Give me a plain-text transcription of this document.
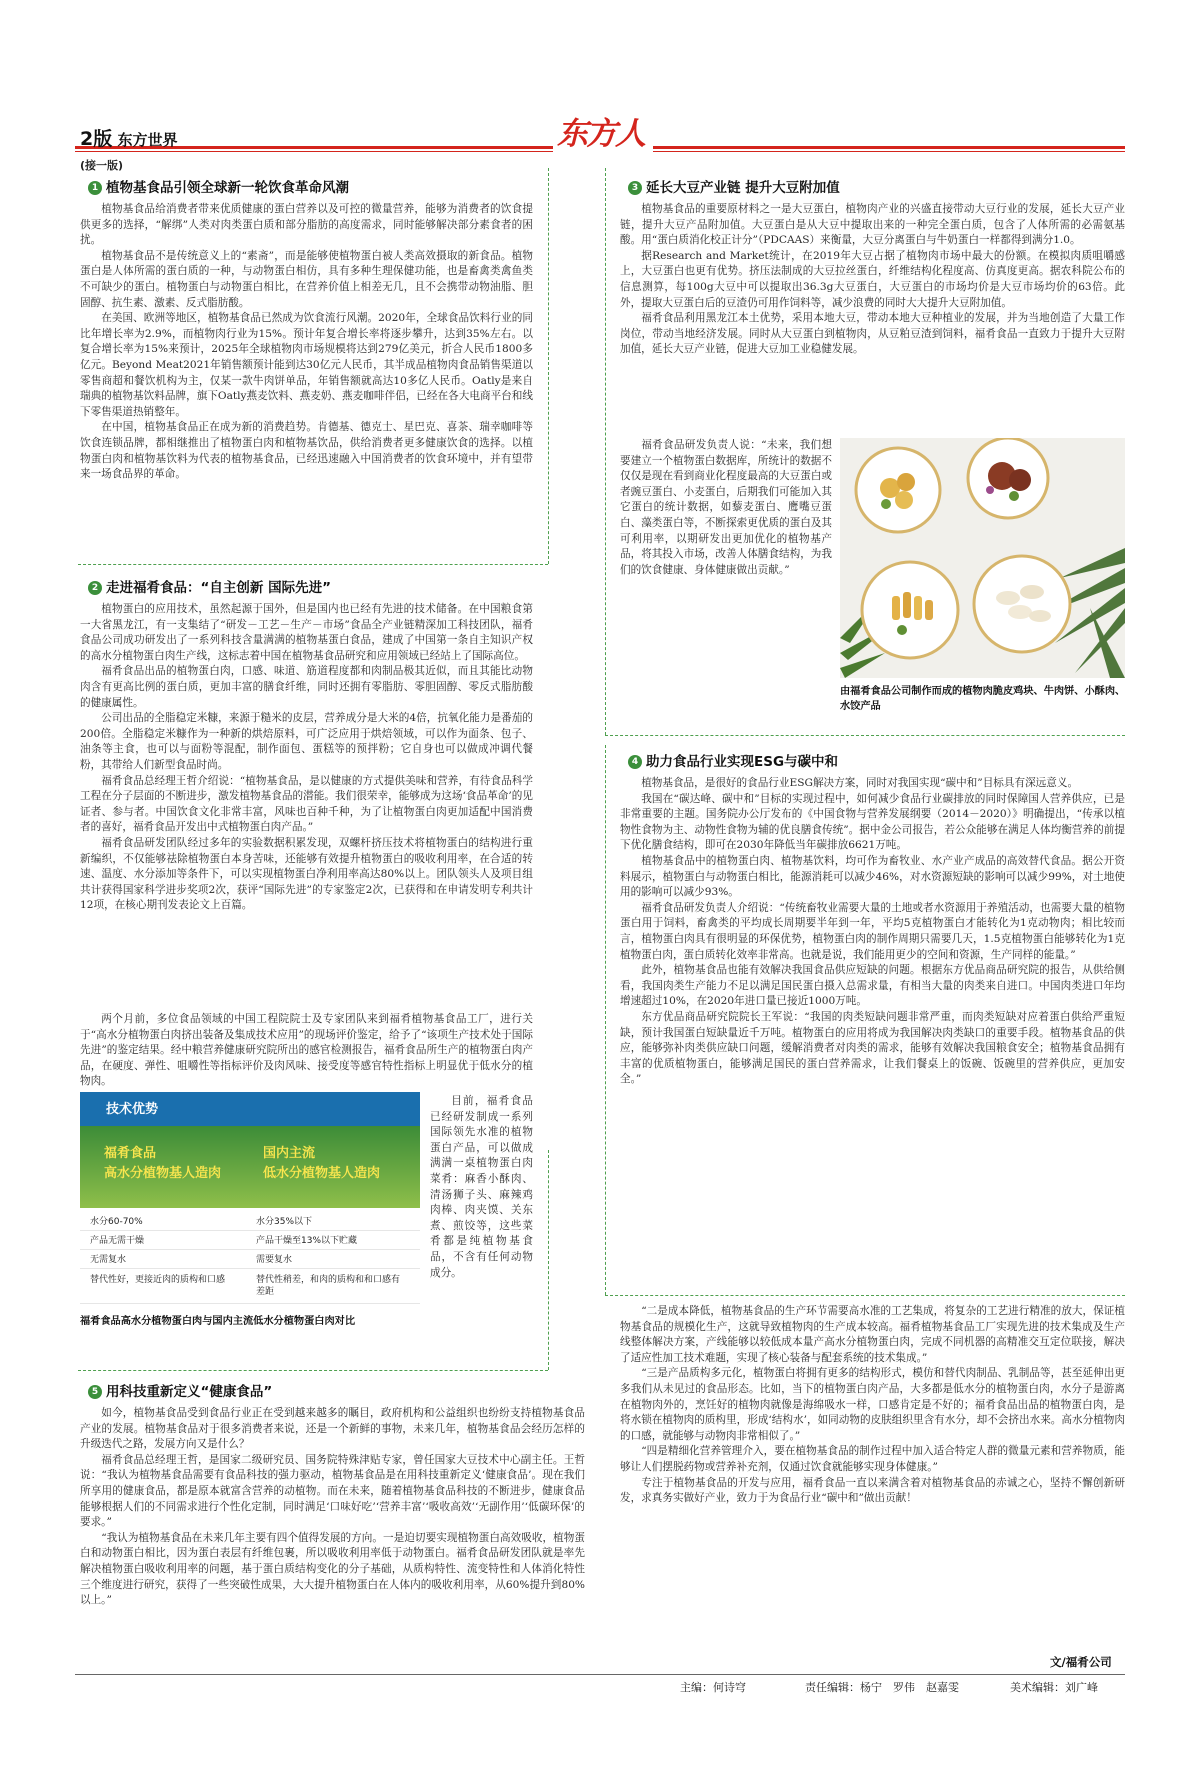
2版 东方世界	东方人
(接一版)
1 植物基食品引领全球新一轮饮食革命风潮

植物基食品给消费者带来优质健康的蛋白营养以及可控的微量营养，能够为消费者的饮食提供更多的选择，“解绑”人类对肉类蛋白质和部分脂肪的高度需求，同时能够解决部分素食者的困扰。

植物基食品不是传统意义上的“素斋”，而是能够使植物蛋白被人类高效摄取的新食品。植物蛋白是人体所需的蛋白质的一种，与动物蛋白相仿，具有多种生理保健功能，也是畜禽类禽鱼类不可缺少的蛋白。植物蛋白与动物蛋白相比，在营养价值上相差无几，且不会携带动物油脂、胆固醇、抗生素、激素、反式脂肪酸。

在美国、欧洲等地区，植物基食品已然成为饮食流行风潮。2020年，全球食品饮料行业的同比年增长率为2.9%，而植物肉行业为15%。预计年复合增长率将逐步攀升，达到35%左右。以复合增长率为15%来预计，2025年全球植物肉市场规模将达到279亿美元，折合人民币1800多亿元。Beyond Meat2021年销售额预计能到达30亿元人民币，其半成品植物肉食品销售渠道以零售商超和餐饮机构为主，仅某一款牛肉饼单品，年销售额就高达10多亿人民币。Oatly是来自瑞典的植物基饮料品牌，旗下Oatly燕麦饮料、燕麦奶、燕麦咖啡伴侣，已经在各大电商平台和线下零售渠道热销整年。

在中国，植物基食品正在成为新的消费趋势。肯德基、德克士、星巴克、喜茶、瑞幸咖啡等饮食连锁品牌，都相继推出了植物蛋白肉和植物基饮品，供给消费者更多健康饮食的选择。以植物蛋白肉和植物基饮料为代表的植物基食品，已经迅速融入中国消费者的饮食环境中，并有望带来一场食品界的革命。

2 走进福肴食品：“自主创新 国际先进”

植物蛋白的应用技术，虽然起源于国外，但是国内也已经有先进的技术储备。在中国粮食第一大省黑龙江，有一支集结了“研发－工艺－生产－市场”食品全产业链精深加工科技团队，福肴食品公司成功研发出了一系列科技含量满满的植物基蛋白食品，建成了中国第一条自主知识产权的高水分植物蛋白肉生产线，这标志着中国在植物基食品研究和应用领域已经站上了国际高位。

福肴食品出品的植物蛋白肉，口感、味道、筋道程度都和肉制品极其近似，而且其能比动物肉含有更高比例的蛋白质，更加丰富的膳食纤维，同时还拥有零脂肪、零胆固醇、零反式脂肪酸的健康属性。

公司出品的全脂稳定米糠，来源于糙米的皮层，营养成分是大米的4倍，抗氧化能力是番茄的200倍。全脂稳定米糠作为一种新的烘焙原料，可广泛应用于烘焙领域，可以作为面条、包子、油条等主食，也可以与面粉等混配，制作面包、蛋糕等的预拌粉；它自身也可以做成冲调代餐粉，其带给人们新型食品时尚。

福肴食品总经理王哲介绍说：“植物基食品，是以健康的方式提供美味和营养，有待食品科学工程在分子层面的不断进步，激发植物基食品的潜能。我们很荣幸，能够成为这场‘食品革命’的见证者、参与者。中国饮食文化非常丰富，风味也百种千种，为了让植物蛋白肉更加适配中国消费者的喜好，福肴食品开发出中式植物蛋白肉产品。”

福肴食品研发团队经过多年的实验数据积累发现，双螺杆挤压技术将植物蛋白的结构进行重新编织，不仅能够祛除植物蛋白本身苦味，还能够有效提升植物蛋白的吸收利用率，在合适的转速、温度、水分添加等条件下，可以实现植物蛋白净利用率高达80%以上。团队领头人及项目组共计获得国家科学进步奖项2次，获评“国际先进”的专家鉴定2次，已获得和在申请发明专利共计12项，在核心期刊发表论文上百篇。

两个月前，多位食品领域的中国工程院院士及专家团队来到福肴植物基食品工厂，进行关于“高水分植物蛋白肉挤出装备及集成技术应用”的现场评价鉴定，给予了“该项生产技术处于国际先进”的鉴定结果。经中粮营养健康研究院所出的感官检测报告，福肴食品所生产的植物蛋白肉产品，在硬度、弹性、咀嚼性等指标评价及肉风味、接受度等感官特性指标上明显优于低水分的植物肉。

目前，福肴食品已经研发制成一系列国际领先水准的植物蛋白产品，可以做成满满一桌植物蛋白肉菜肴：麻香小酥肉、清汤狮子头、麻辣鸡肉棒、肉夹馍、关东煮、煎饺等，这些菜肴都是纯植物基食品，不含有任何动物成分。

技术优势
福肴食品
高水分植物基人造肉
国内主流
低水分植物基人造肉
水分60-70%	水分35%以下
产品无需干燥	产品干燥至13%以下贮藏
无需复水	需要复水
替代性好，更接近肉的质构和口感	替代性稍差，和肉的质构和和口感有差距
福肴食品高水分植物蛋白肉与国内主流低水分植物蛋白肉对比
3 延长大豆产业链 提升大豆附加值

植物基食品的重要原材料之一是大豆蛋白，植物肉产业的兴盛直接带动大豆行业的发展，延长大豆产业链，提升大豆产品附加值。大豆蛋白是从大豆中提取出来的一种完全蛋白质，包含了人体所需的必需氨基酸。用“蛋白质消化校正计分”（PDCAAS）来衡量，大豆分离蛋白与牛奶蛋白一样都得到满分1.0。

据Research and Market统计，在2019年大豆占据了植物肉市场中最大的份额。在模拟肉质咀嚼感上，大豆蛋白也更有优势。挤压法制成的大豆拉丝蛋白，纤维结构化程度高、仿真度更高。据农科院公布的信息测算，每100g大豆中可以提取出36.3g大豆蛋白，大豆蛋白的市场均价是大豆市场均价的63倍。此外，提取大豆蛋白后的豆渣仍可用作饲料等，减少浪费的同时大大提升大豆附加值。

福肴食品利用黑龙江本土优势，采用本地大豆，带动本地大豆种植业的发展，并为当地创造了大量工作岗位，带动当地经济发展。同时从大豆蛋白到植物肉，从豆粕豆渣到饲料，福肴食品一直致力于提升大豆附加值，延长大豆产业链，促进大豆加工业稳健发展。

福肴食品研发负责人说：“未来，我们想要建立一个植物蛋白数据库，所统计的数据不仅仅是现在看到商业化程度最高的大豆蛋白或者豌豆蛋白、小麦蛋白，后期我们可能加入其它蛋白的统计数据，如藜麦蛋白、鹰嘴豆蛋白、藻类蛋白等，不断探索更优质的蛋白及其可利用率，以期研发出更加优化的植物基产品，将其投入市场，改善人体膳食结构，为我们的饮食健康、身体健康做出贡献。”

由福肴食品公司制作而成的植物肉脆皮鸡块、牛肉饼、小酥肉、水饺产品
4 助力食品行业实现ESG与碳中和

植物基食品，是很好的食品行业ESG解决方案，同时对我国实现“碳中和”目标具有深远意义。

我国在“碳达峰、碳中和”目标的实现过程中，如何减少食品行业碳排放的同时保障国人营养供应，已是非常重要的主题。国务院办公厅发布的《中国食物与营养发展纲要（2014－2020）》明确提出，“传承以植物性食物为主、动物性食物为辅的优良膳食传统”。据中金公司报告，若公众能够在满足人体均衡营养的前提下优化膳食结构，即可在2030年降低当年碳排放6621万吨。

植物基食品中的植物蛋白肉、植物基饮料，均可作为畜牧业、水产业产成品的高效替代食品。据公开资料展示，植物蛋白与动物蛋白相比，能源消耗可以减少46%，对水资源短缺的影响可以减少99%，对土地使用的影响可以减少93%。

福肴食品研发负责人介绍说：“传统畜牧业需要大量的土地或者水资源用于养殖活动，也需要大量的植物蛋白用于饲料，畜禽类的平均成长周期要半年到一年，平均5克植物蛋白才能转化为1克动物肉；相比较而言，植物蛋白肉具有很明显的环保优势，植物蛋白肉的制作周期只需要几天，1.5克植物蛋白能够转化为1克植物蛋白肉，蛋白质转化效率非常高。也就是说，我们能用更少的空间和资源，生产同样的能量。”

此外，植物基食品也能有效解决我国食品供应短缺的问题。根据东方优品商品研究院的报告，从供给侧看，我国肉类生产能力不足以满足国民蛋白摄入总需求量，有相当大量的肉类来自进口。中国肉类进口年均增速超过10%，在2020年进口量已接近1000万吨。

东方优品商品研究院院长王军说：“我国的肉类短缺问题非常严重，而肉类短缺对应着蛋白供给严重短缺，预计我国蛋白短缺量近千万吨。植物蛋白的应用将成为我国解决肉类缺口的重要手段。植物基食品的供应，能够弥补肉类供应缺口问题，缓解消费者对肉类的需求，能够有效解决我国粮食安全；植物基食品拥有丰富的优质植物蛋白，能够满足国民的蛋白营养需求，让我们餐桌上的饭碗、饭碗里的营养供应，更加安全。”

5 用科技重新定义“健康食品”

如今，植物基食品受到食品行业正在受到越来越多的瞩目，政府机构和公益组织也纷纷支持植物基食品产业的发展。植物基食品对于很多消费者来说，还是一个新鲜的事物，未来几年，植物基食品会经历怎样的升级迭代之路，发展方向又是什么？

福肴食品总经理王哲，是国家二级研究员、国务院特殊津贴专家，曾任国家大豆技术中心副主任。王哲说：“我认为植物基食品需要有食品科技的强力驱动，植物基食品是在用科技重新定义‘健康食品’。现在我们所享用的健康食品，都是原本就富含营养的动植物。而在未来，随着植物基食品科技的不断进步，健康食品能够根据人们的不同需求进行个性化定制，同时满足‘口味好吃’‘营养丰富’‘吸收高效’‘无副作用’‘低碳环保’的要求。”

“我认为植物基食品在未来几年主要有四个值得发展的方向。一是迫切要实现植物蛋白高效吸收，植物蛋白和动物蛋白相比，因为蛋白表层有纤维包裹，所以吸收利用率低于动物蛋白。福肴食品研发团队就是率先解决植物蛋白吸收利用率的问题，基于蛋白质结构变化的分子基础，从质构特性、流变特性和人体消化特性三个维度进行研究，获得了一些突破性成果，大大提升植物蛋白在人体内的吸收利用率，从60%提升到80%以上。”

“二是成本降低，植物基食品的生产环节需要高水准的工艺集成，将复杂的工艺进行精准的放大，保证植物基食品的规模化生产，这就导致植物肉的生产成本较高。福肴植物基食品工厂实现先进的技术集成及生产线整体解决方案，产线能够以较低成本量产高水分植物蛋白肉，完成不同机器的高精准交互定位联接，解决了适应性加工技术难题，实现了核心装备与配套系统的技术集成。”

“三是产品质构多元化，植物蛋白将拥有更多的结构形式，模仿和替代肉制品、乳制品等，甚至延伸出更多我们从未见过的食品形态。比如，当下的植物蛋白肉产品，大多都是低水分的植物蛋白肉，水分子是游离在植物肉外的，烹饪好的植物肉就像是海绵吸水一样，口感肯定是不好的；福肴食品出品的植物蛋白肉，是将水锁在植物肉的质构里，形成‘结构水’，如同动物的皮肤组织里含有水分，却不会挤出水来。高水分植物肉的口感，就能够与动物肉非常相似了。”

“四是精细化营养管理介入，要在植物基食品的制作过程中加入适合特定人群的微量元素和营养物质，能够让人们摆脱药物或营养补充剂，仅通过饮食就能够实现身体健康。”

专注于植物基食品的开发与应用，福肴食品一直以来满含着对植物基食品的赤诚之心，坚持不懈创新研发，求真务实做好产业，致力于为食品行业“碳中和”做出贡献！

文/福肴公司
主编：何诗穹	责任编辑：杨宁　罗伟　赵嘉雯	美术编辑：刘广峰
